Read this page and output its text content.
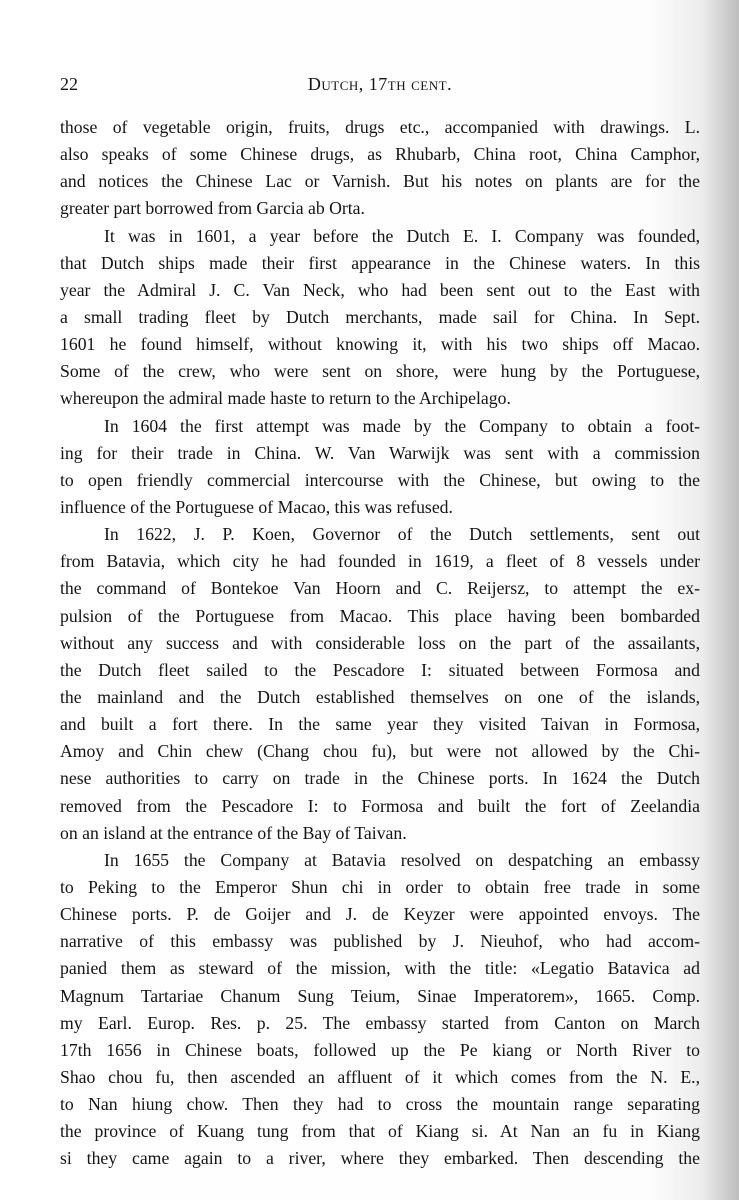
22	Dutch, 17th cent.

those of vegetable origin, fruits, drugs etc., accompanied with drawings. L.
also speaks of some Chinese drugs, as Rhubarb, China root, China Camphor,
and notices the Chinese Lac or Varnish. But his notes on plants are for the
greater part borrowed from Garcia ab Orta.

It was in 1601, a year before the Dutch E. I. Company was founded,
that Dutch ships made their first appearance in the Chinese waters. In this
year the Admiral J. C. Van Neck, who had been sent out to the East with
a small trading fleet by Dutch merchants, made sail for China. In Sept.
1601 he found himself, without knowing it, with his two ships off Macao.
Some of the crew, who were sent on shore, were hung by the Portuguese,
whereupon the admiral made haste to return to the Archipelago.

In 1604 the first attempt was made by the Company to obtain a foot-
ing for their trade in China. W. Van Warwijk was sent with a commission
to open friendly commercial intercourse with the Chinese, but owing to the
influence of the Portuguese of Macao, this was refused.

In 1622, J. P. Koen, Governor of the Dutch settlements, sent out
from Batavia, which city he had founded in 1619, a fleet of 8 vessels under
the command of Bontekoe Van Hoorn and C. Reijersz, to attempt the ex-
pulsion of the Portuguese from Macao. This place having been bombarded
without any success and with considerable loss on the part of the assailants,
the Dutch fleet sailed to the Pescadore I: situated between Formosa and
the mainland and the Dutch established themselves on one of the islands,
and built a fort there. In the same year they visited Taivan in Formosa,
Amoy and Chin chew (Chang chou fu), but were not allowed by the Chi-
nese authorities to carry on trade in the Chinese ports. In 1624 the Dutch
removed from the Pescadore I: to Formosa and built the fort of Zeelandia
on an island at the entrance of the Bay of Taivan.

In 1655 the Company at Batavia resolved on despatching an embassy
to Peking to the Emperor Shun chi in order to obtain free trade in some
Chinese ports. P. de Goijer and J. de Keyzer were appointed envoys. The
narrative of this embassy was published by J. Nieuhof, who had accom-
panied them as steward of the mission, with the title: «Legatio Batavica ad
Magnum Tartariae Chanum Sung Teium, Sinae Imperatorem», 1665. Comp.
my Earl. Europ. Res. p. 25. The embassy started from Canton on March
17th 1656 in Chinese boats, followed up the Pe kiang or North River to
Shao chou fu, then ascended an affluent of it which comes from the N. E.,
to Nan hiung chow. Then they had to cross the mountain range separating
the province of Kuang tung from that of Kiang si. At Nan an fu in Kiang
si they came again to a river, where they embarked. Then descending the
